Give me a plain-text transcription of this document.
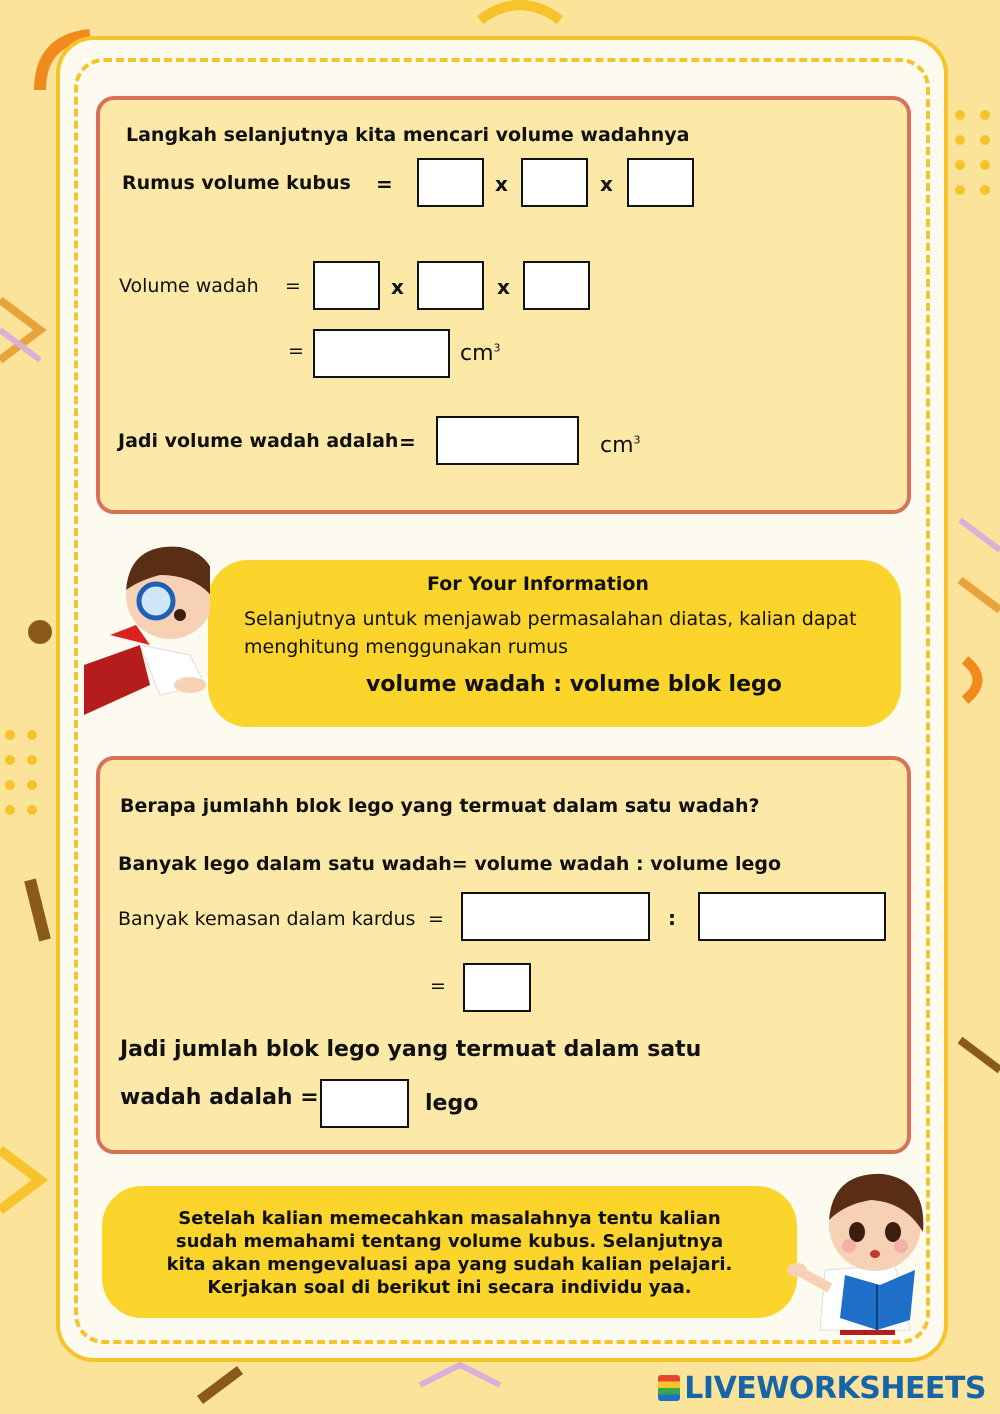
Langkah selanjutnya kita mencari volume wadahnya
Rumus volume kubus =	x	x
Volume wadah =	x	x
=	$cm^3$
Jadi volume wadah adalah =	$cm^3$
For Your Information
Selanjutnya untuk menjawab permasalahan diatas, kalian dapat
menghitung menggunakan rumus
volume wadah : volume blok lego
Berapa jumlahh blok lego yang termuat dalam satu wadah?
Banyak lego dalam satu wadah= volume wadah : volume lego
Banyak kemasan dalam kardus =	:
=
Jadi jumlah blok lego yang termuat dalam satu
wadah adalah =	lego
Setelah kalian memecahkan masalahnya tentu kalian
sudah memahami tentang volume kubus. Selanjutnya
kita akan mengevaluasi apa yang sudah kalian pelajari.
Kerjakan soal di berikut ini secara individu yaa.
LIVEWORKSHEETS
